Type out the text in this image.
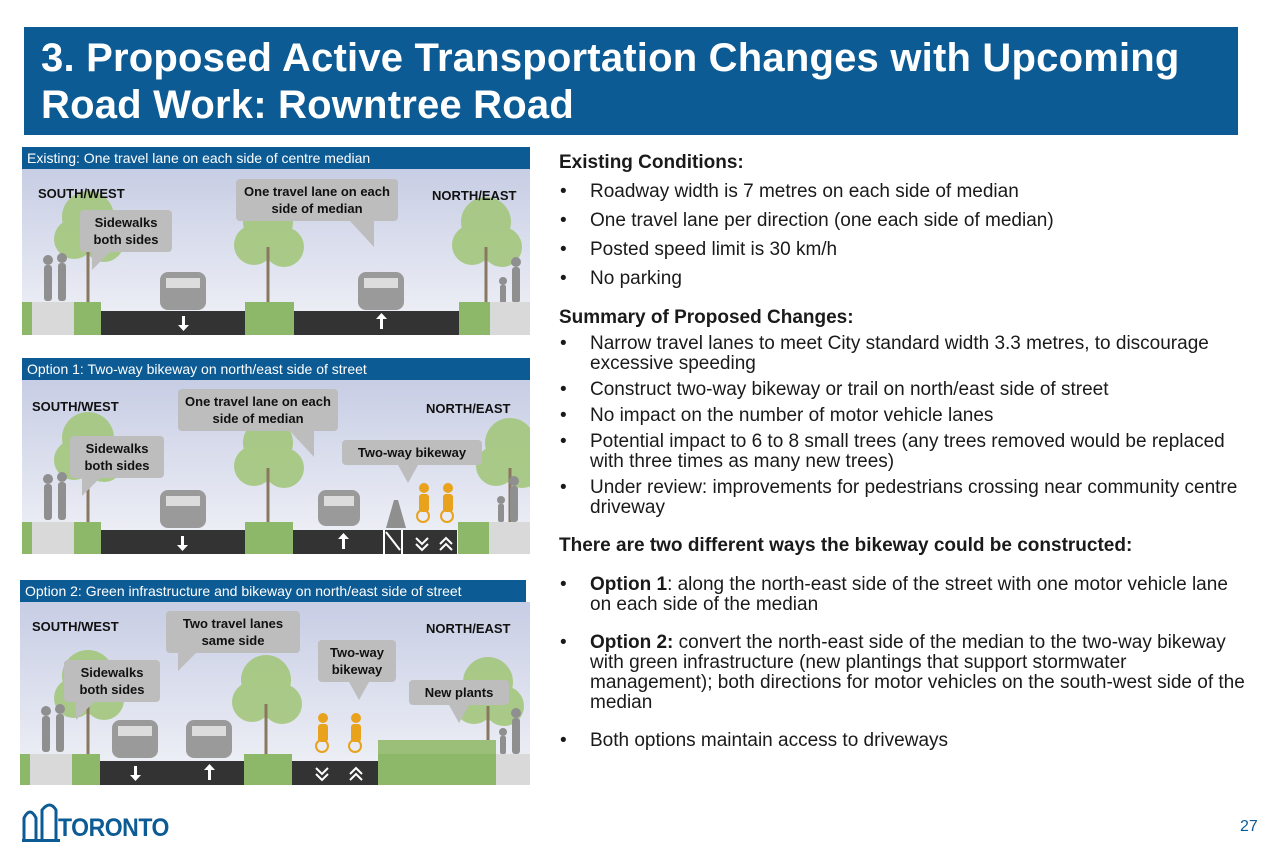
3. Proposed Active Transportation Changes with Upcoming Road Work: Rowntree Road
Existing: One travel lane on each side of centre median
SOUTH/WEST	NORTH/EAST
Sidewalks both sides
One travel lane on each side of median
Option 1: Two-way bikeway on north/east side of street
SOUTH/WEST	NORTH/EAST
Sidewalks both sides
One travel lane on each side of median
Two-way bikeway
Option 2: Green infrastructure and bikeway on north/east side of street
SOUTH/WEST	NORTH/EAST
Sidewalks both sides
Two travel lanes same side
Two-way bikeway
New plants
Existing Conditions:
• Roadway width is 7 metres on each side of median
• One travel lane per direction (one each side of median)
• Posted speed limit is 30 km/h
• No parking
Summary of Proposed Changes:
• Narrow travel lanes to meet City standard width 3.3 metres, to discourage excessive speeding
• Construct two-way bikeway or trail on north/east side of street
• No impact on the number of motor vehicle lanes
• Potential impact to 6 to 8 small trees (any trees removed would be replaced with three times as many new trees)
• Under review: improvements for pedestrians crossing near community centre driveway
There are two different ways the bikeway could be constructed:
• Option 1: along the north-east side of the street with one motor vehicle lane on each side of the median
• Option 2: convert the north-east side of the median to the two-way bikeway with green infrastructure (new plantings that support stormwater management); both directions for motor vehicles on the south-west side of the median
• Both options maintain access to driveways
TORONTO	27
